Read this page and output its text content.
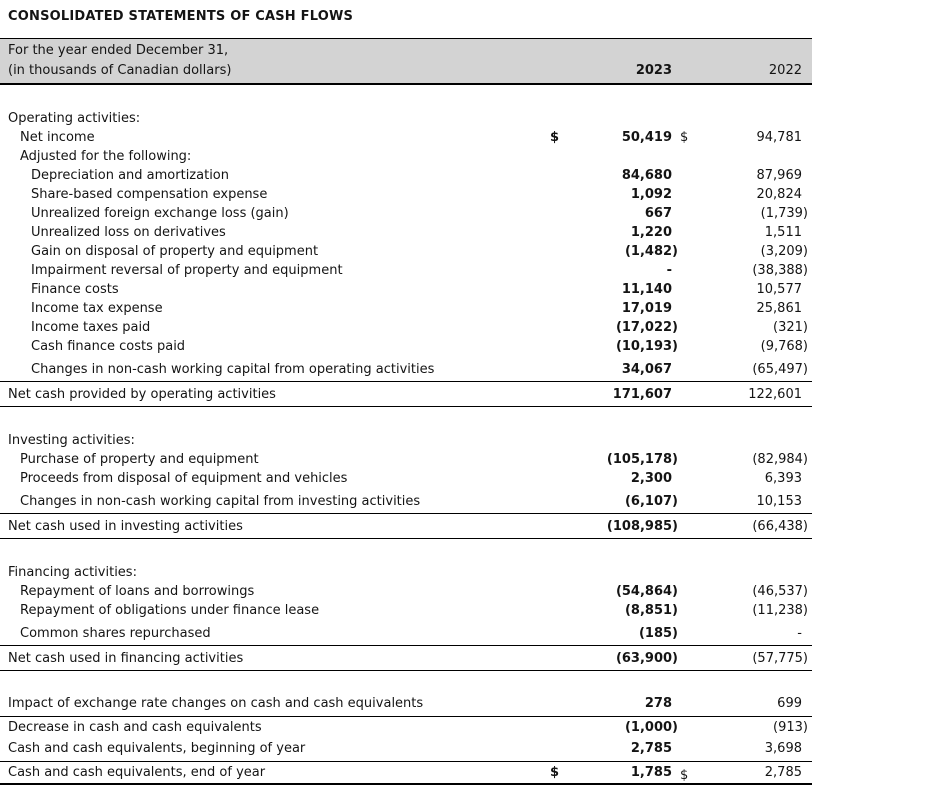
CONSOLIDATED STATEMENTS OF CASH FLOWS
For the year ended December 31,
(in thousands of Canadian dollars)	2023	2022
Operating activities:
Net income	$	50,419 $	94,781
Adjusted for the following:
Depreciation and amortization	84,680	87,969
Share-based compensation expense	1,092	20,824
Unrealized foreign exchange loss (gain)	667	(1,739)
Unrealized loss on derivatives	1,220	1,511
Gain on disposal of property and equipment	(1,482)	(3,209)
Impairment reversal of property and equipment	-	(38,388)
Finance costs	11,140	10,577
Income tax expense	17,019	25,861
Income taxes paid	(17,022)	(321)
Cash finance costs paid	(10,193)	(9,768)
Changes in non-cash working capital from operating activities	34,067	(65,497)
Net cash provided by operating activities	171,607	122,601
Investing activities:
Purchase of property and equipment	(105,178)	(82,984)
Proceeds from disposal of equipment and vehicles	2,300	6,393
Changes in non-cash working capital from investing activities	(6,107)	10,153
Net cash used in investing activities	(108,985)	(66,438)
Financing activities:
Repayment of loans and borrowings	(54,864)	(46,537)
Repayment of obligations under finance lease	(8,851)	(11,238)
Common shares repurchased	(185)	-
Net cash used in financing activities	(63,900)	(57,775)
Impact of exchange rate changes on cash and cash equivalents	278	699
Decrease in cash and cash equivalents	(1,000)	(913)
Cash and cash equivalents, beginning of year	2,785	3,698
Cash and cash equivalents, end of year	$	1,785 $	2,785
